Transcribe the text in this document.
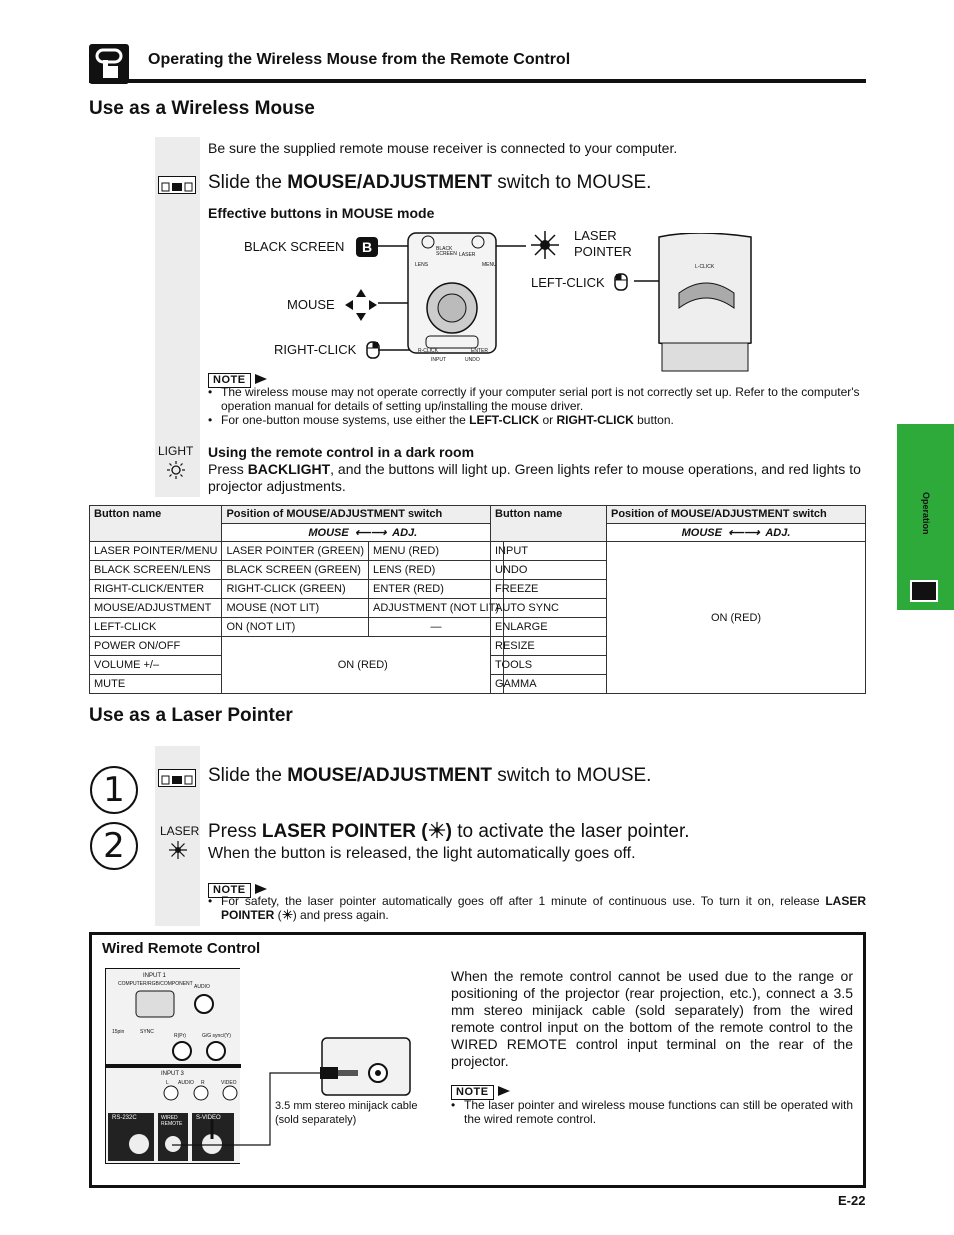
Operating the Wireless Mouse from the Remote Control
Use as a Wireless Mouse
Be sure the supplied remote mouse receiver is connected to your computer.
Slide the MOUSE/ADJUSTMENT switch to MOUSE.
Effective buttons in MOUSE mode
BLACK SCREEN	B
MOUSE
RIGHT-CLICK
BLACK
SCREEN LASER
LENS	MENU
R-CLICK	ENTER
INPUT	UNDO
LASER
POINTER
LEFT-CLICK
L-CLICK
NOTE
• The wireless mouse may not operate correctly if your computer serial port is not correctly set up. Refer to the computer's operation manual for details of setting up/installing the mouse driver.
• For one-button mouse systems, use either the LEFT-CLICK or RIGHT-CLICK button.
LIGHT Using the remote control in a dark room
Press BACKLIGHT, and the buttons will light up. Green lights refer to mouse operations, and red lights to projector adjustments.
Button name	Position of MOUSE/ADJUSTMENT switch	
	MOUSE ⟵⟶ ADJ.	
LASER POINTER/MENU	LASER POINTER (GREEN)	MENU (RED)
BLACK SCREEN/LENS	BLACK SCREEN (GREEN)	LENS (RED)
RIGHT-CLICK/ENTER	RIGHT-CLICK (GREEN)	ENTER (RED)
MOUSE/ADJUSTMENT	MOUSE (NOT LIT)	ADJUSTMENT (NOT LIT)
LEFT-CLICK	ON (NOT LIT)	—
POWER ON/OFF	ON (RED)	
VOLUME +/–		
MUTE		
Button name	Position of MOUSE/ADJUSTMENT switch
	MOUSE ⟵⟶ ADJ.
INPUT	ON (RED)
UNDO	
FREEZE	
AUTO SYNC	
ENLARGE	
RESIZE	
TOOLS	
GAMMA	
Operation
Use as a Laser Pointer
1	Slide the MOUSE/ADJUSTMENT switch to MOUSE.
2	LASER Press LASER POINTER ( ) to activate the laser pointer.
When the button is released, the light automatically goes off.
NOTE
• For safety, the laser pointer automatically goes off after 1 minute of continuous use. To turn it on, release LASER POINTER ( ) and press again.
Wired Remote Control
INPUT 1
COMPUTER/RGB/COMPONENT AUDIO
15pin	SYNC
R(Pr)	G/G sync/(Y)
INPUT 3
L AUDIO R	VIDEO
RS-232C	WIRED
REMOTE
S-VIDEO
3.5 mm stereo minijack cable
(sold separately)
When the remote control cannot be used due to the range or positioning of the projector (rear projection, etc.), connect a 3.5 mm stereo minijack cable (sold separately) from the wired remote control input on the bottom of the remote control to the WIRED REMOTE control input terminal on the rear of the projector.
NOTE
• The laser pointer and wireless mouse functions can still be operated with the wired remote control.
E-22
